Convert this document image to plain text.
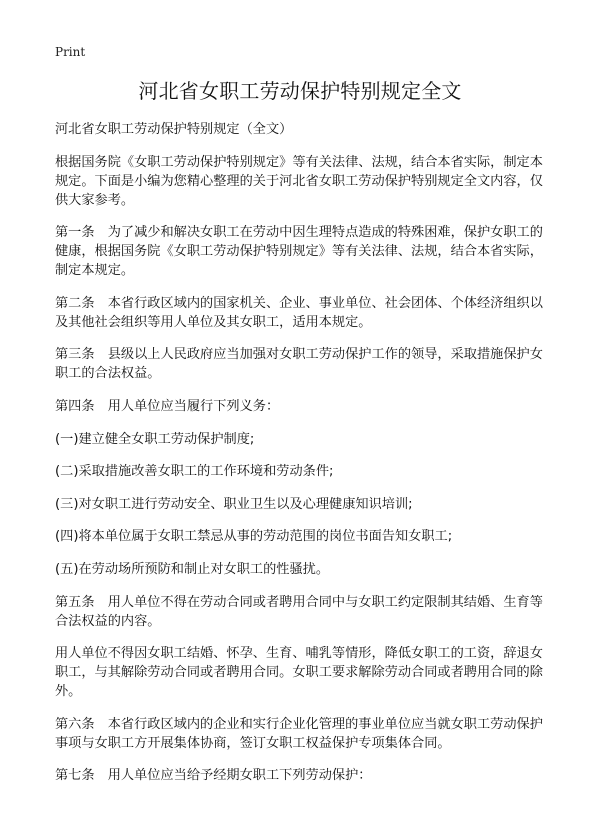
Print
河北省女职工劳动保护特别规定全文

河北省女职工劳动保护特别规定（全文）

根据国务院《女职工劳动保护特别规定》等有关法律、法规，结合本省实际，制定本规定。下面是小编为您精心整理的关于河北省女职工劳动保护特别规定全文内容，仅供大家参考。

第一条　为了减少和解决女职工在劳动中因生理特点造成的特殊困难，保护女职工的健康，根据国务院《女职工劳动保护特别规定》等有关法律、法规，结合本省实际，制定本规定。

第二条　本省行政区域内的国家机关、企业、事业单位、社会团体、个体经济组织以及其他社会组织等用人单位及其女职工，适用本规定。

第三条　县级以上人民政府应当加强对女职工劳动保护工作的领导，采取措施保护女职工的合法权益。

第四条　用人单位应当履行下列义务：

(一)建立健全女职工劳动保护制度;

(二)采取措施改善女职工的工作环境和劳动条件;

(三)对女职工进行劳动安全、职业卫生以及心理健康知识培训;

(四)将本单位属于女职工禁忌从事的劳动范围的岗位书面告知女职工;

(五)在劳动场所预防和制止对女职工的性骚扰。

第五条　用人单位不得在劳动合同或者聘用合同中与女职工约定限制其结婚、生育等合法权益的内容。

用人单位不得因女职工结婚、怀孕、生育、哺乳等情形，降低女职工的工资，辞退女职工，与其解除劳动合同或者聘用合同。女职工要求解除劳动合同或者聘用合同的除外。

第六条　本省行政区域内的企业和实行企业化管理的事业单位应当就女职工劳动保护事项与女职工方开展集体协商，签订女职工权益保护专项集体合同。

第七条　用人单位应当给予经期女职工下列劳动保护：
